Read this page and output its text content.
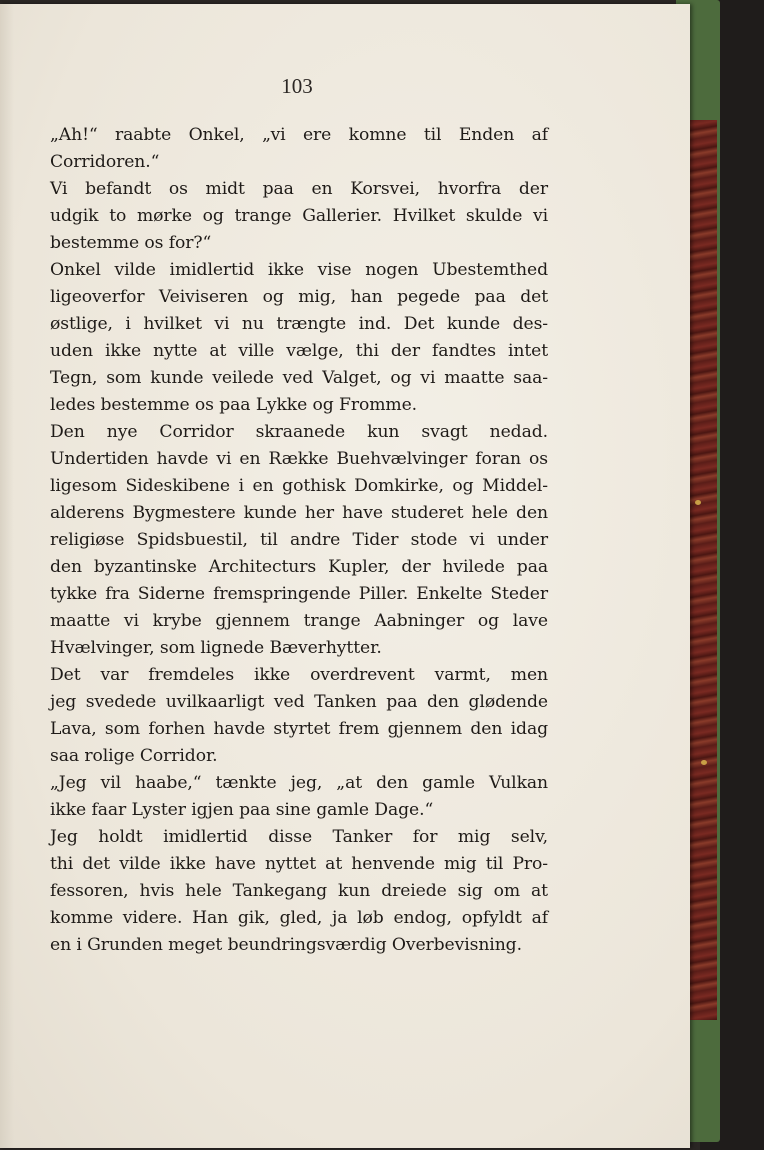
103
„Ah!“ raabte Onkel, „vi ere komne til Enden af
Corridoren.“
Vi befandt os midt paa en Korsvei, hvorfra der
udgik to mørke og trange Gallerier. Hvilket skulde vi
bestemme os for?“
Onkel vilde imidlertid ikke vise nogen Ubestemthed
ligeoverfor Veiviseren og mig, han pegede paa det
østlige, i hvilket vi nu trængte ind. Det kunde des-
uden ikke nytte at ville vælge, thi der fandtes intet
Tegn, som kunde veilede ved Valget, og vi maatte saa-
ledes bestemme os paa Lykke og Fromme.
Den nye Corridor skraanede kun svagt nedad.
Undertiden havde vi en Række Buehvælvinger foran os
ligesom Sideskibene i en gothisk Domkirke, og Middel-
alderens Bygmestere kunde her have studeret hele den
religiøse Spidsbuestil, til andre Tider stode vi under
den byzantinske Architecturs Kupler, der hvilede paa
tykke fra Siderne fremspringende Piller. Enkelte Steder
maatte vi krybe gjennem trange Aabninger og lave
Hvælvinger, som lignede Bæverhytter.
Det var fremdeles ikke overdrevent varmt, men
jeg svedede uvilkaarligt ved Tanken paa den glødende
Lava, som forhen havde styrtet frem gjennem den idag
saa rolige Corridor.
„Jeg vil haabe,“ tænkte jeg, „at den gamle Vulkan
ikke faar Lyster igjen paa sine gamle Dage.“
Jeg holdt imidlertid disse Tanker for mig selv,
thi det vilde ikke have nyttet at henvende mig til Pro-
fessoren, hvis hele Tankegang kun dreiede sig om at
komme videre. Han gik, gled, ja løb endog, opfyldt af
en i Grunden meget beundringsværdig Overbevisning.
